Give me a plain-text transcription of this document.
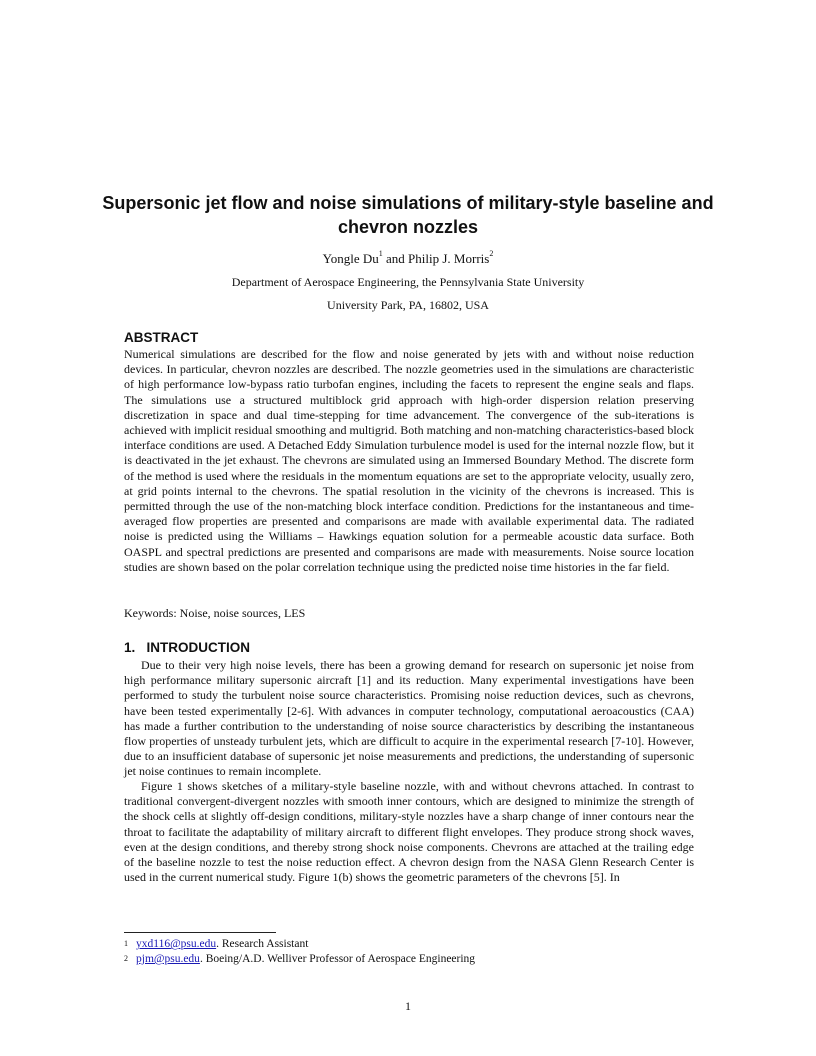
Supersonic jet flow and noise simulations of military-style baseline and chevron nozzles
Yongle Du$^1$ and Philip J. Morris$^2$
Department of Aerospace Engineering, the Pennsylvania State University
University Park, PA, 16802, USA
ABSTRACT

Numerical simulations are described for the flow and noise generated by jets with and without noise reduction devices. In particular, chevron nozzles are described. The nozzle geometries used in the simulations are characteristic of high performance low-bypass ratio turbofan engines, including the facets to represent the engine seals and flaps. The simulations use a structured multiblock grid approach with high-order dispersion relation preserving discretization in space and dual time-stepping for time advancement. The convergence of the sub-iterations is achieved with implicit residual smoothing and multigrid. Both matching and non-matching characteristics-based block interface conditions are used. A Detached Eddy Simulation turbulence model is used for the internal nozzle flow, but it is deactivated in the jet exhaust. The chevrons are simulated using an Immersed Boundary Method. The discrete form of the method is used where the residuals in the momentum equations are set to the appropriate velocity, usually zero, at grid points internal to the chevrons. The spatial resolution in the vicinity of the chevrons is increased. This is permitted through the use of the non-matching block interface condition. Predictions for the instantaneous and time-averaged flow properties are presented and comparisons are made with available experimental data. The radiated noise is predicted using the Williams – Hawkings equation solution for a permeable acoustic data surface. Both OASPL and spectral predictions are presented and comparisons are made with measurements. Noise source location studies are shown based on the polar correlation technique using the predicted noise time histories in the far field.

Keywords: Noise, noise sources, LES
1.   INTRODUCTION

Due to their very high noise levels, there has been a growing demand for research on supersonic jet noise from high performance military supersonic aircraft [1] and its reduction. Many experimental investigations have been performed to study the turbulent noise source characteristics. Promising noise reduction devices, such as chevrons, have been tested experimentally [2-6]. With advances in computer technology, computational aeroacoustics (CAA) has made a further contribution to the understanding of noise source characteristics by describing the instantaneous flow properties of unsteady turbulent jets, which are difficult to acquire in the experimental research [7-10]. However, due to an insufficient database of supersonic jet noise measurements and predictions, the understanding of supersonic jet noise continues to remain incomplete.

Figure 1 shows sketches of a military-style baseline nozzle, with and without chevrons attached. In contrast to traditional convergent-divergent nozzles with smooth inner contours, which are designed to minimize the strength of the shock cells at slightly off-design conditions, military-style nozzles have a sharp change of inner contours near the throat to facilitate the adaptability of military aircraft to different flight envelopes. They produce strong shock waves, even at the design conditions, and thereby strong shock noise components. Chevrons are attached at the trailing edge of the baseline nozzle to test the noise reduction effect. A chevron design from the NASA Glenn Research Center is used in the current numerical study. Figure 1(b) shows the geometric parameters of the chevrons [5]. In

1 yxd116@psu.edu. Research Assistant
2 pjm@psu.edu. Boeing/A.D. Welliver Professor of Aerospace Engineering
1
